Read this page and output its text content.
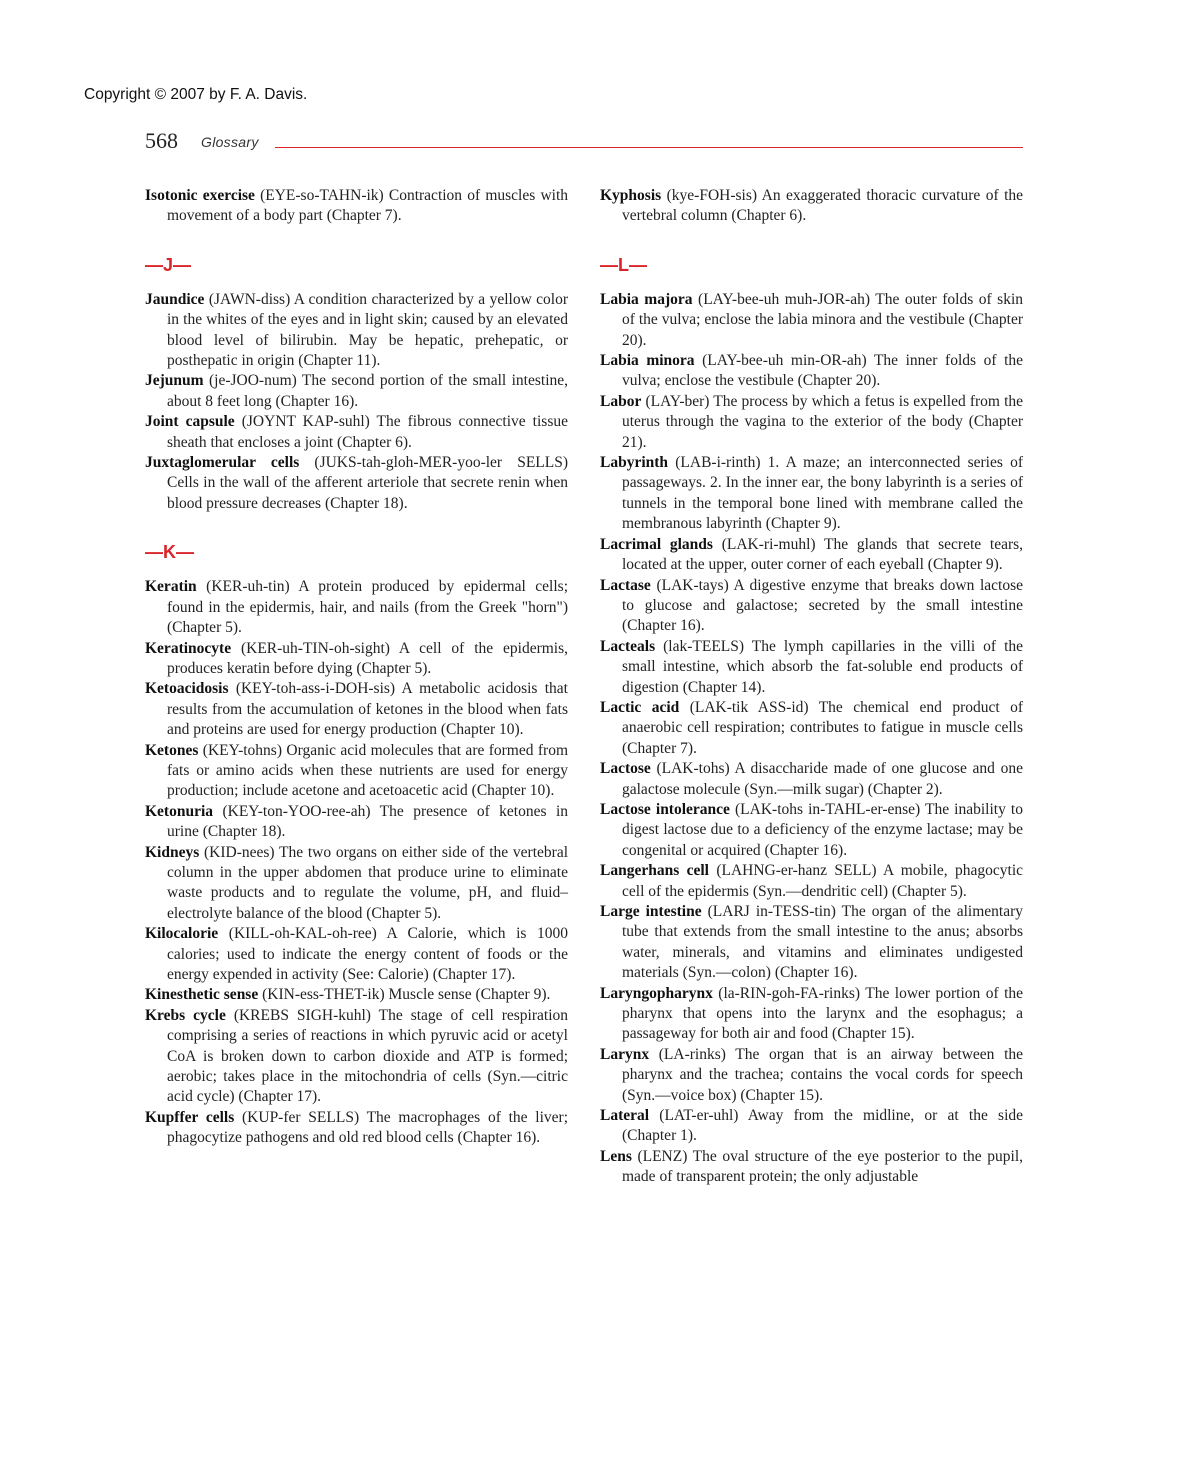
Copyright © 2007 by F. A. Davis.
568 Glossary

Isotonic exercise (EYE-so-TAHN-ik) Contraction of muscles with movement of a body part (Chapter 7).

—J—

Jaundice (JAWN-diss) A condition characterized by a yellow color in the whites of the eyes and in light skin; caused by an elevated blood level of bilirubin. May be hepatic, prehepatic, or posthepatic in origin (Chapter 11).

Jejunum (je-JOO-num) The second portion of the small intestine, about 8 feet long (Chapter 16).

Joint capsule (JOYNT KAP-suhl) The fibrous connective tissue sheath that encloses a joint (Chapter 6).

Juxtaglomerular cells (JUKS-tah-gloh-MER-yoo-ler SELLS) Cells in the wall of the afferent arteriole that secrete renin when blood pressure decreases (Chapter 18).

—K—

Keratin (KER-uh-tin) A protein produced by epidermal cells; found in the epidermis, hair, and nails (from the Greek "horn") (Chapter 5).

Keratinocyte (KER-uh-TIN-oh-sight) A cell of the epidermis, produces keratin before dying (Chapter 5).

Ketoacidosis (KEY-toh-ass-i-DOH-sis) A metabolic acidosis that results from the accumulation of ketones in the blood when fats and proteins are used for energy production (Chapter 10).

Ketones (KEY-tohns) Organic acid molecules that are formed from fats or amino acids when these nutrients are used for energy production; include acetone and acetoacetic acid (Chapter 10).

Ketonuria (KEY-ton-YOO-ree-ah) The presence of ketones in urine (Chapter 18).

Kidneys (KID-nees) The two organs on either side of the vertebral column in the upper abdomen that produce urine to eliminate waste products and to regulate the volume, pH, and fluid–electrolyte balance of the blood (Chapter 5).

Kilocalorie (KILL-oh-KAL-oh-ree) A Calorie, which is 1000 calories; used to indicate the energy content of foods or the energy expended in activity (See: Calorie) (Chapter 17).

Kinesthetic sense (KIN-ess-THET-ik) Muscle sense (Chapter 9).

Krebs cycle (KREBS SIGH-kuhl) The stage of cell respiration comprising a series of reactions in which pyruvic acid or acetyl CoA is broken down to carbon dioxide and ATP is formed; aerobic; takes place in the mitochondria of cells (Syn.—citric acid cycle) (Chapter 17).

Kupffer cells (KUP-fer SELLS) The macrophages of the liver; phagocytize pathogens and old red blood cells (Chapter 16).

Kyphosis (kye-FOH-sis) An exaggerated thoracic curvature of the vertebral column (Chapter 6).

—L—

Labia majora (LAY-bee-uh muh-JOR-ah) The outer folds of skin of the vulva; enclose the labia minora and the vestibule (Chapter 20).

Labia minora (LAY-bee-uh min-OR-ah) The inner folds of the vulva; enclose the vestibule (Chapter 20).

Labor (LAY-ber) The process by which a fetus is expelled from the uterus through the vagina to the exterior of the body (Chapter 21).

Labyrinth (LAB-i-rinth) 1. A maze; an interconnected series of passageways. 2. In the inner ear, the bony labyrinth is a series of tunnels in the temporal bone lined with membrane called the membranous labyrinth (Chapter 9).

Lacrimal glands (LAK-ri-muhl) The glands that secrete tears, located at the upper, outer corner of each eyeball (Chapter 9).

Lactase (LAK-tays) A digestive enzyme that breaks down lactose to glucose and galactose; secreted by the small intestine (Chapter 16).

Lacteals (lak-TEELS) The lymph capillaries in the villi of the small intestine, which absorb the fat-soluble end products of digestion (Chapter 14).

Lactic acid (LAK-tik ASS-id) The chemical end product of anaerobic cell respiration; contributes to fatigue in muscle cells (Chapter 7).

Lactose (LAK-tohs) A disaccharide made of one glucose and one galactose molecule (Syn.—milk sugar) (Chapter 2).

Lactose intolerance (LAK-tohs in-TAHL-er-ense) The inability to digest lactose due to a deficiency of the enzyme lactase; may be congenital or acquired (Chapter 16).

Langerhans cell (LAHNG-er-hanz SELL) A mobile, phagocytic cell of the epidermis (Syn.—dendritic cell) (Chapter 5).

Large intestine (LARJ in-TESS-tin) The organ of the alimentary tube that extends from the small intestine to the anus; absorbs water, minerals, and vitamins and eliminates undigested materials (Syn.—colon) (Chapter 16).

Laryngopharynx (la-RIN-goh-FA-rinks) The lower portion of the pharynx that opens into the larynx and the esophagus; a passageway for both air and food (Chapter 15).

Larynx (LA-rinks) The organ that is an airway between the pharynx and the trachea; contains the vocal cords for speech (Syn.—voice box) (Chapter 15).

Lateral (LAT-er-uhl) Away from the midline, or at the side (Chapter 1).

Lens (LENZ) The oval structure of the eye posterior to the pupil, made of transparent protein; the only adjustable
